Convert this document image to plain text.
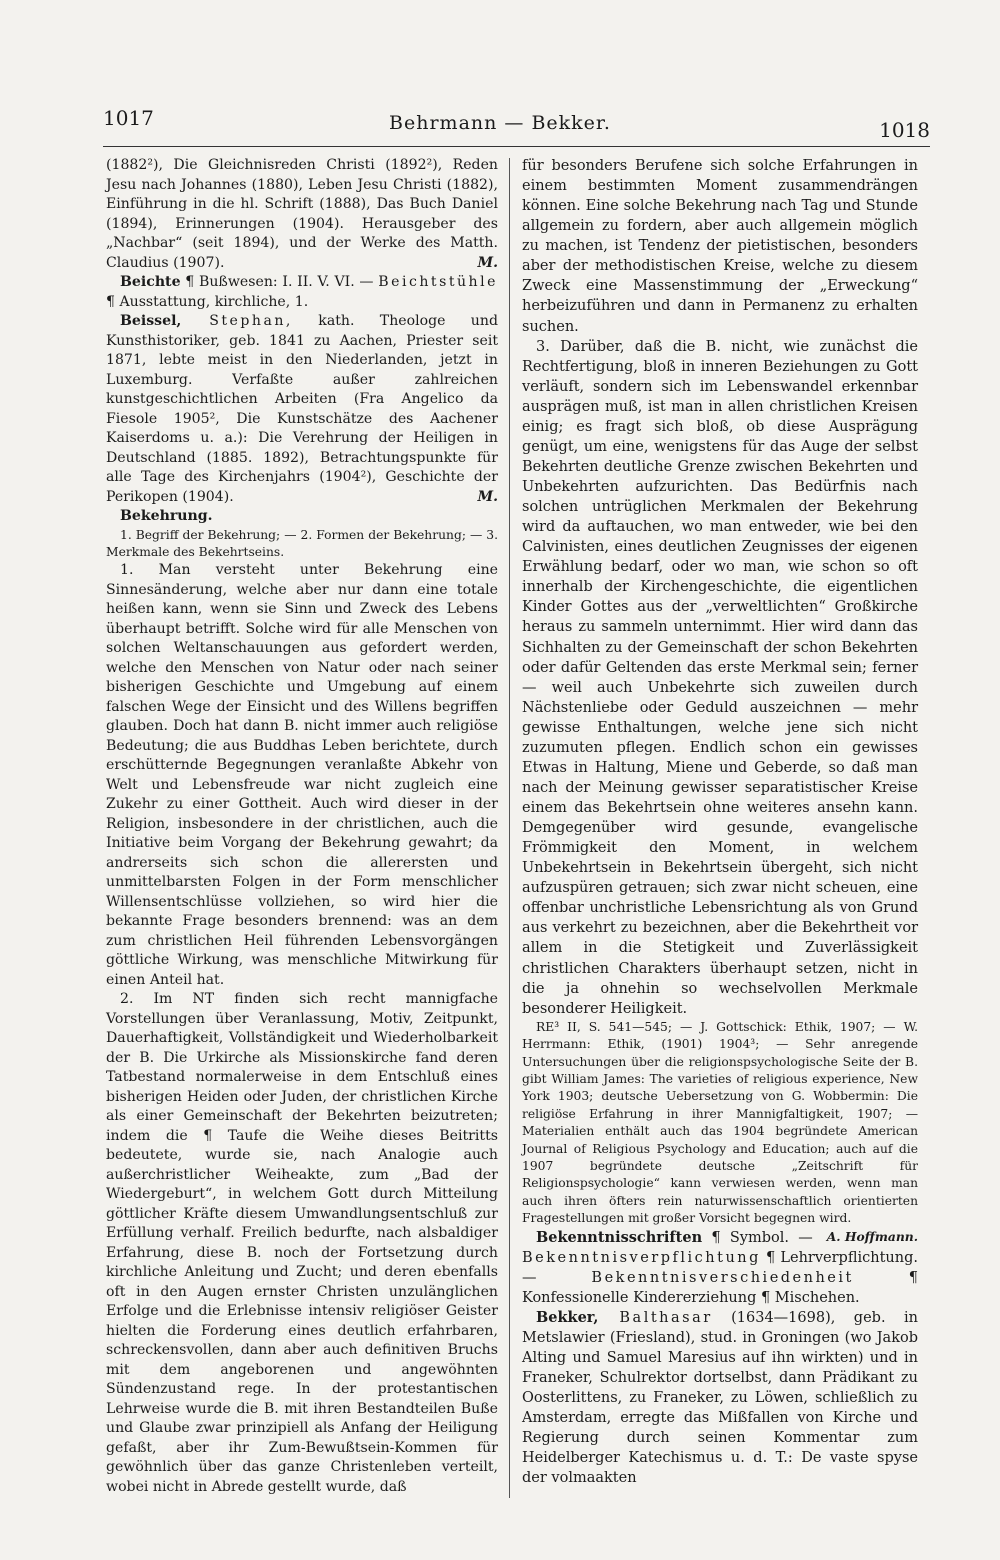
1017	Behrmann — Bekker.	1018

(1882²), Die Gleichnisreden Christi (1892²), Reden Jesu nach Johannes (1880), Leben Jesu Christi (1882), Einführung in die hl. Schrift (1888), Das Buch Daniel (1894), Erinnerungen (1904). Herausgeber des „Nachbar“ (seit 1894), und der Werke des Matth. Claudius (1907).	M.

Beichte ¶ Bußwesen: I. II. V. VI. — Beichtstühle ¶ Ausstattung, kirchliche, 1.

Beissel, Stephan, kath. Theologe und Kunsthistoriker, geb. 1841 zu Aachen, Priester seit 1871, lebte meist in den Niederlanden, jetzt in Luxemburg. Verfaßte außer zahlreichen kunstgeschichtlichen Arbeiten (Fra Angelico da Fiesole 1905², Die Kunstschätze des Aachener Kaiserdoms u. a.): Die Verehrung der Heiligen in Deutschland (1885. 1892), Betrachtungspunkte für alle Tage des Kirchenjahrs (1904²), Geschichte der Perikopen (1904).	M.

Bekehrung.

1. Begriff der Bekehrung; — 2. Formen der Bekehrung; — 3. Merkmale des Bekehrtseins.

1. Man versteht unter Bekehrung eine Sinnesänderung, welche aber nur dann eine totale heißen kann, wenn sie Sinn und Zweck des Lebens überhaupt betrifft. Solche wird für alle Menschen von solchen Weltanschauungen aus gefordert werden, welche den Menschen von Natur oder nach seiner bisherigen Geschichte und Umgebung auf einem falschen Wege der Einsicht und des Willens begriffen glauben. Doch hat dann B. nicht immer auch religiöse Bedeutung; die aus Buddhas Leben berichtete, durch erschütternde Begegnungen veranlaßte Abkehr von Welt und Lebensfreude war nicht zugleich eine Zukehr zu einer Gottheit. Auch wird dieser in der Religion, insbesondere in der christlichen, auch die Initiative beim Vorgang der Bekehrung gewahrt; da andrerseits sich schon die allerersten und unmittelbarsten Folgen in der Form menschlicher Willensentschlüsse vollziehen, so wird hier die bekannte Frage besonders brennend: was an dem zum christlichen Heil führenden Lebensvorgängen göttliche Wirkung, was menschliche Mitwirkung für einen Anteil hat.

2. Im NT finden sich recht mannigfache Vorstellungen über Veranlassung, Motiv, Zeitpunkt, Dauerhaftigkeit, Vollständigkeit und Wiederholbarkeit der B. Die Urkirche als Missionskirche fand deren Tatbestand normalerweise in dem Entschluß eines bisherigen Heiden oder Juden, der christlichen Kirche als einer Gemeinschaft der Bekehrten beizutreten; indem die ¶ Taufe die Weihe dieses Beitritts bedeutete, wurde sie, nach Analogie auch außerchristlicher Weiheakte, zum „Bad der Wiedergeburt“, in welchem Gott durch Mitteilung göttlicher Kräfte diesem Umwandlungsentschluß zur Erfüllung verhalf. Freilich bedurfte, nach alsbaldiger Erfahrung, diese B. noch der Fortsetzung durch kirchliche Anleitung und Zucht; und deren ebenfalls oft in den Augen ernster Christen unzulänglichen Erfolge und die Erlebnisse intensiv religiöser Geister hielten die Forderung eines deutlich erfahrbaren, schreckensvollen, dann aber auch definitiven Bruchs mit dem angeborenen und angewöhnten Sündenzustand rege. In der protestantischen Lehrweise wurde die B. mit ihren Bestandteilen Buße und Glaube zwar prinzipiell als Anfang der Heiligung gefaßt, aber ihr Zum-Bewußtsein-Kommen für gewöhnlich über das ganze Christenleben verteilt, wobei nicht in Abrede gestellt wurde, daß

für besonders Berufene sich solche Erfahrungen in einem bestimmten Moment zusammendrängen können. Eine solche Bekehrung nach Tag und Stunde allgemein zu fordern, aber auch allgemein möglich zu machen, ist Tendenz der pietistischen, besonders aber der methodistischen Kreise, welche zu diesem Zweck eine Massenstimmung der „Erweckung“ herbeizuführen und dann in Permanenz zu erhalten suchen.

3. Darüber, daß die B. nicht, wie zunächst die Rechtfertigung, bloß in inneren Beziehungen zu Gott verläuft, sondern sich im Lebenswandel erkennbar ausprägen muß, ist man in allen christlichen Kreisen einig; es fragt sich bloß, ob diese Ausprägung genügt, um eine, wenigstens für das Auge der selbst Bekehrten deutliche Grenze zwischen Bekehrten und Unbekehrten aufzurichten. Das Bedürfnis nach solchen untrüglichen Merkmalen der Bekehrung wird da auftauchen, wo man entweder, wie bei den Calvinisten, eines deutlichen Zeugnisses der eigenen Erwählung bedarf, oder wo man, wie schon so oft innerhalb der Kirchengeschichte, die eigentlichen Kinder Gottes aus der „verweltlichten“ Großkirche heraus zu sammeln unternimmt. Hier wird dann das Sichhalten zu der Gemeinschaft der schon Bekehrten oder dafür Geltenden das erste Merkmal sein; ferner — weil auch Unbekehrte sich zuweilen durch Nächstenliebe oder Geduld auszeichnen — mehr gewisse Enthaltungen, welche jene sich nicht zuzumuten pflegen. Endlich schon ein gewisses Etwas in Haltung, Miene und Geberde, so daß man nach der Meinung gewisser separatistischer Kreise einem das Bekehrtsein ohne weiteres ansehn kann. Demgegenüber wird gesunde, evangelische Frömmigkeit den Moment, in welchem Unbekehrtsein in Bekehrtsein übergeht, sich nicht aufzuspüren getrauen; sich zwar nicht scheuen, eine offenbar unchristliche Lebensrichtung als von Grund aus verkehrt zu bezeichnen, aber die Bekehrtheit vor allem in die Stetigkeit und Zuverlässigkeit christlichen Charakters überhaupt setzen, nicht in die ja ohnehin so wechselvollen Merkmale besonderer Heiligkeit.

RE³ II, S. 541—545; — J. Gottschick: Ethik, 1907; — W. Herrmann: Ethik, (1901) 1904³; — Sehr anregende Untersuchungen über die religionspsychologische Seite der B. gibt William James: The varieties of religious experience, New York 1903; deutsche Uebersetzung von G. Wobbermin: Die religiöse Erfahrung in ihrer Mannigfaltigkeit, 1907; — Materialien enthält auch das 1904 begründete American Journal of Religious Psychology and Education; auch auf die 1907 begründete deutsche „Zeitschrift für Religionspsychologie“ kann verwiesen werden, wenn man auch ihren öfters rein naturwissenschaftlich orientierten Fragestellungen mit großer Vorsicht begegnen wird.
A. Hoffmann.

Bekenntnisschriften ¶ Symbol. — Bekenntnisverpflichtung ¶ Lehrverpflichtung. — Bekenntnisverschiedenheit ¶ Konfessionelle Kindererziehung ¶ Mischehen.

Bekker, Balthasar (1634—1698), geb. in Metslawier (Friesland), stud. in Groningen (wo Jakob Alting und Samuel Maresius auf ihn wirkten) und in Franeker, Schulrektor dortselbst, dann Prädikant zu Oosterlittens, zu Franeker, zu Löwen, schließlich zu Amsterdam, erregte das Mißfallen von Kirche und Regierung durch seinen Kommentar zum Heidelberger Katechismus u. d. T.: De vaste spyse der volmaakten
